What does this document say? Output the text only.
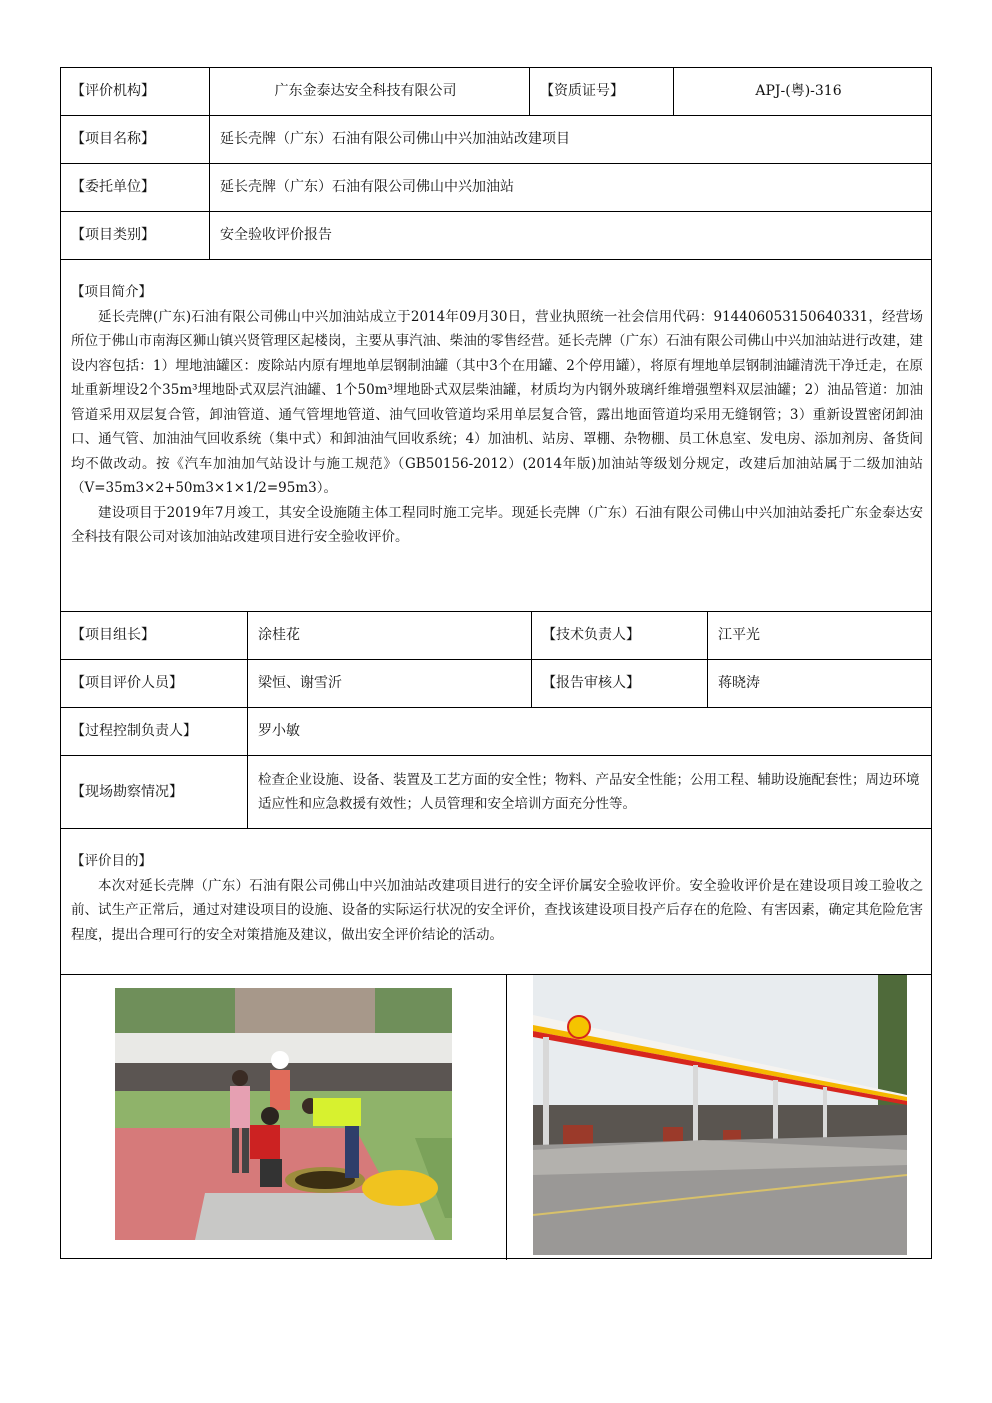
【评价机构】	广东金泰达安全科技有限公司	【资质证号】	APJ-(粤)-316
【项目名称】	延长壳牌（广东）石油有限公司佛山中兴加油站改建项目
【委托单位】	延长壳牌（广东）石油有限公司佛山中兴加油站
【项目类别】	安全验收评价报告

【项目简介】

延长壳牌(广东)石油有限公司佛山中兴加油站成立于2014年09月30日，营业执照统一社会信用代码：914406053150640331，经营场所位于佛山市南海区狮山镇兴贤管理区起楼岗，主要从事汽油、柴油的零售经营。延长壳牌（广东）石油有限公司佛山中兴加油站进行改建，建设内容包括：1）埋地油罐区：废除站内原有埋地单层钢制油罐（其中3个在用罐、2个停用罐），将原有埋地单层钢制油罐清洗干净迁走，在原址重新埋设2个35m³埋地卧式双层汽油罐、1个50m³埋地卧式双层柴油罐，材质均为内钢外玻璃纤维增强塑料双层油罐；2）油品管道：加油管道采用双层复合管，卸油管道、通气管埋地管道、油气回收管道均采用单层复合管，露出地面管道均采用无缝钢管；3）重新设置密闭卸油口、通气管、加油油气回收系统（集中式）和卸油油气回收系统；4）加油机、站房、罩棚、杂物棚、员工休息室、发电房、添加剂房、备货间均不做改动。按《汽车加油加气站设计与施工规范》（GB50156-2012）(2014年版)加油站等级划分规定，改建后加油站属于二级加油站（V=35m3×2+50m3×1×1/2=95m3）。

建设项目于2019年7月竣工，其安全设施随主体工程同时施工完毕。现延长壳牌（广东）石油有限公司佛山中兴加油站委托广东金泰达安全科技有限公司对该加油站改建项目进行安全验收评价。

【项目组长】	涂桂花	【技术负责人】	江平光
【项目评价人员】	梁恒、谢雪沂	【报告审核人】	蒋晓涛
【过程控制负责人】	罗小敏
【现场勘察情况】
检查企业设施、设备、装置及工艺方面的安全性；物料、产品安全性能；公用工程、辅助设施配套性；周边环境适应性和应急救援有效性；人员管理和安全培训方面充分性等。

【评价目的】

本次对延长壳牌（广东）石油有限公司佛山中兴加油站改建项目进行的安全评价属安全验收评价。安全验收评价是在建设项目竣工验收之前、试生产正常后，通过对建设项目的设施、设备的实际运行状况的安全评价，查找该建设项目投产后存在的危险、有害因素，确定其危险危害程度，提出合理可行的安全对策措施及建议，做出安全评价结论的活动。
